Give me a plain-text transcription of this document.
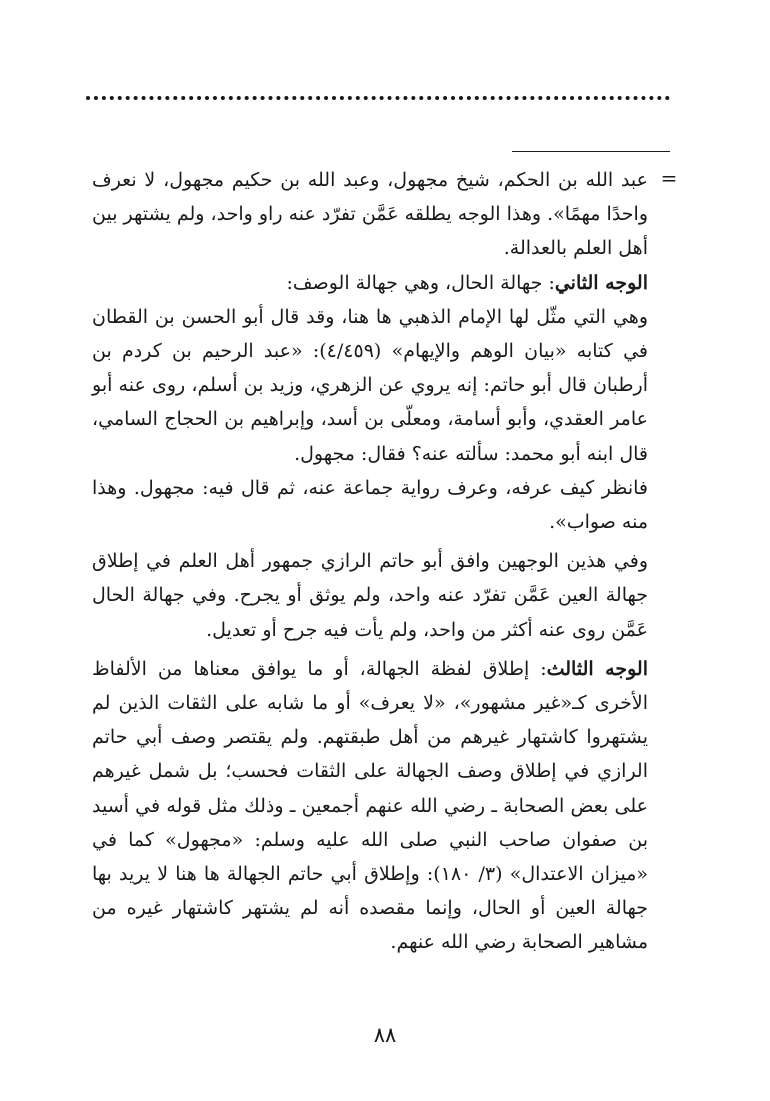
=

عبد الله بن الحكم، شيخ مجهول، وعبد الله بن حكيم مجهول، لا نعرف واحدًا مهمًا». وهذا الوجه يطلقه عَمَّن تفرّد عنه راو واحد، ولم يشتهر بين أهل العلم بالعدالة.

الوجه الثاني: جهالة الحال، وهي جهالة الوصف:

وهي التي مثّل لها الإمام الذهبي ها هنا، وقد قال أبو الحسن بن القطان في كتابه «بيان الوهم والإيهام» (٤/٤٥٩): «عبد الرحيم بن كردم بن أرطبان قال أبو حاتم: إنه يروي عن الزهري، وزيد بن أسلم، روى عنه أبو عامر العقدي، وأبو أسامة، ومعلّى بن أسد، وإبراهيم بن الحجاج السامي، قال ابنه أبو محمد: سألته عنه؟ فقال: مجهول.

فانظر كيف عرفه، وعرف رواية جماعة عنه، ثم قال فيه: مجهول. وهذا منه صواب».

وفي هذين الوجهين وافق أبو حاتم الرازي جمهور أهل العلم في إطلاق جهالة العين عَمَّن تفرّد عنه واحد، ولم يوثق أو يجرح. وفي جهالة الحال عَمَّن روى عنه أكثر من واحد، ولم يأت فيه جرح أو تعديل.

الوجه الثالث: إطلاق لفظة الجهالة، أو ما يوافق معناها من الألفاظ الأخرى كـ«غير مشهور»، «لا يعرف» أو ما شابه على الثقات الذين لم يشتهروا كاشتهار غيرهم من أهل طبقتهم. ولم يقتصر وصف أبي حاتم الرازي في إطلاق وصف الجهالة على الثقات فحسب؛ بل شمل غيرهم على بعض الصحابة ـ رضي الله عنهم أجمعين ـ وذلك مثل قوله في أسيد بن صفوان صاحب النبي صلى الله عليه وسلم: «مجهول» كما في «ميزان الاعتدال» (٣/ ١٨٠): وإطلاق أبي حاتم الجهالة ها هنا لا يريد بها جهالة العين أو الحال، وإنما مقصده أنه لم يشتهر كاشتهار غيره من مشاهير الصحابة رضي الله عنهم.

٨٨
